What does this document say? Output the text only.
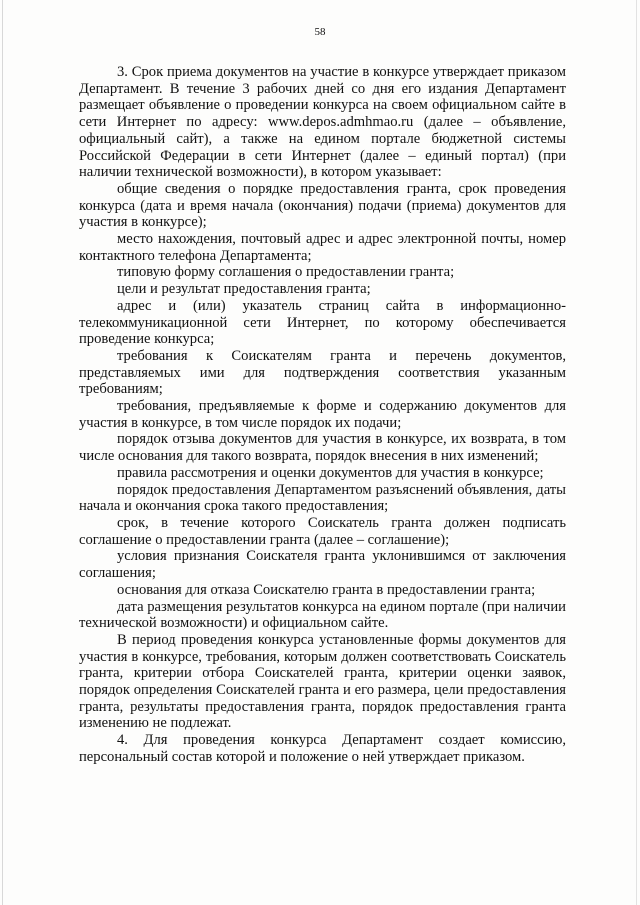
58

3. Срок приема документов на участие в конкурсе утверждает приказом Департамент. В течение 3 рабочих дней со дня его издания Департамент размещает объявление о проведении конкурса на своем официальном сайте в сети Интернет по адресу: www.depos.admhmao.ru (далее – объявление, официальный сайт), а также на едином портале бюджетной системы Российской Федерации в сети Интернет (далее – единый портал) (при наличии технической возможности), в котором указывает:

общие сведения о порядке предоставления гранта, срок проведения конкурса (дата и время начала (окончания) подачи (приема) документов для участия в конкурсе);

место нахождения, почтовый адрес и адрес электронной почты, номер контактного телефона Департамента;

типовую форму соглашения о предоставлении гранта;

цели и результат предоставления гранта;

адрес и (или) указатель страниц сайта в информационно-телекоммуникационной сети Интернет, по которому обеспечивается проведение конкурса;

требования к Соискателям гранта и перечень документов, представляемых ими для подтверждения соответствия указанным требованиям;

требования, предъявляемые к форме и содержанию документов для участия в конкурсе, в том числе порядок их подачи;

порядок отзыва документов для участия в конкурсе, их возврата, в том числе основания для такого возврата, порядок внесения в них изменений;

правила рассмотрения и оценки документов для участия в конкурсе;

порядок предоставления Департаментом разъяснений объявления, даты начала и окончания срока такого предоставления;

срок, в течение которого Соискатель гранта должен подписать соглашение о предоставлении гранта (далее – соглашение);

условия признания Соискателя гранта уклонившимся от заключения соглашения;

основания для отказа Соискателю гранта в предоставлении гранта;

дата размещения результатов конкурса на едином портале (при наличии технической возможности) и официальном сайте.

В период проведения конкурса установленные формы документов для участия в конкурсе, требования, которым должен соответствовать Соискатель гранта, критерии отбора Соискателей гранта, критерии оценки заявок, порядок определения Соискателей гранта и его размера, цели предоставления гранта, результаты предоставления гранта, порядок предоставления гранта изменению не подлежат.

4. Для проведения конкурса Департамент создает комиссию, персональный состав которой и положение о ней утверждает приказом.
